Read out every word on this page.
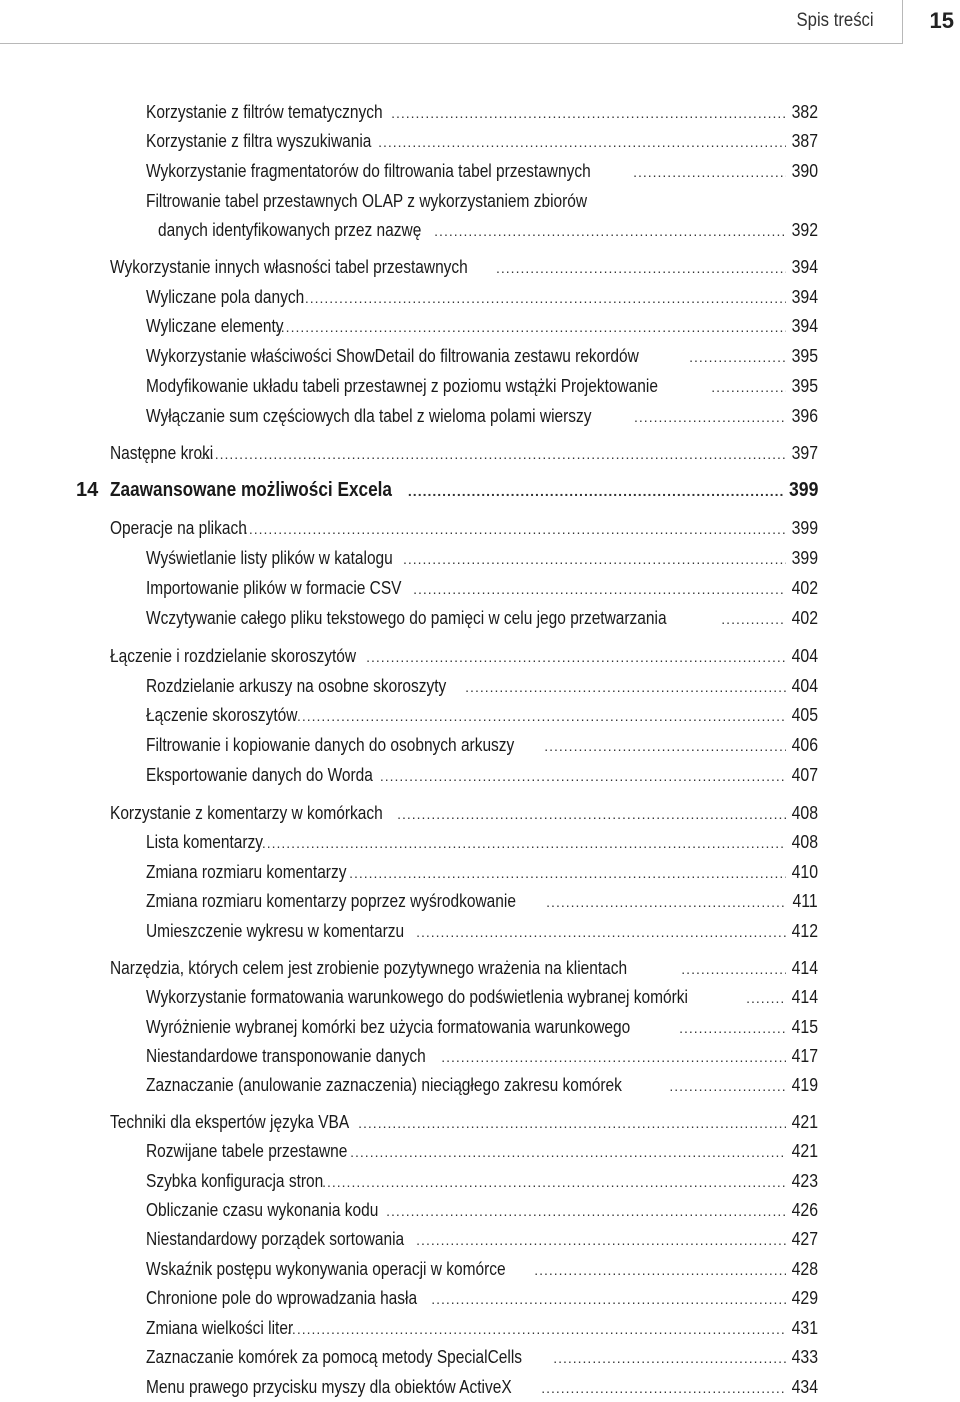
Spis treści	15
Korzystanie z filtrów tematycznych .....	382
Korzystanie z filtra wyszukiwania .....	387
Wykorzystanie fragmentatorów do filtrowania tabel przestawnych .....	390
Filtrowanie tabel przestawnych OLAP z wykorzystaniem zbiorów
danych identyfikowanych przez nazwę .....	392
Wykorzystanie innych własności tabel przestawnych .....	394
Wyliczane pola danych .....	394
Wyliczane elementy .....	394
Wykorzystanie właściwości ShowDetail do filtrowania zestawu rekordów .....	395
Modyfikowanie układu tabeli przestawnej z poziomu wstążki Projektowanie .....	395
Wyłączanie sum częściowych dla tabel z wieloma polami wierszy .....	396
Następne kroki .....	397
14 Zaawansowane możliwości Excela .....	399
Operacje na plikach .....	399
Wyświetlanie listy plików w katalogu .....	399
Importowanie plików w formacie CSV .....	402
Wczytywanie całego pliku tekstowego do pamięci w celu jego przetwarzania .....	402
Łączenie i rozdzielanie skoroszytów .....	404
Rozdzielanie arkuszy na osobne skoroszyty .....	404
Łączenie skoroszytów .....	405
Filtrowanie i kopiowanie danych do osobnych arkuszy .....	406
Eksportowanie danych do Worda .....	407
Korzystanie z komentarzy w komórkach .....	408
Lista komentarzy .....	408
Zmiana rozmiaru komentarzy .....	410
Zmiana rozmiaru komentarzy poprzez wyśrodkowanie .....	411
Umieszczenie wykresu w komentarzu .....	412
Narzędzia, których celem jest zrobienie pozytywnego wrażenia na klientach .....	414
Wykorzystanie formatowania warunkowego do podświetlenia wybranej komórki .....	414
Wyróżnienie wybranej komórki bez użycia formatowania warunkowego .....	415
Niestandardowe transponowanie danych .....	417
Zaznaczanie (anulowanie zaznaczenia) nieciągłego zakresu komórek .....	419
Techniki dla ekspertów języka VBA .....	421
Rozwijane tabele przestawne .....	421
Szybka konfiguracja stron .....	423
Obliczanie czasu wykonania kodu .....	426
Niestandardowy porządek sortowania .....	427
Wskaźnik postępu wykonywania operacji w komórce .....	428
Chronione pole do wprowadzania hasła .....	429
Zmiana wielkości liter .....	431
Zaznaczanie komórek za pomocą metody SpecialCells .....	433
Menu prawego przycisku myszy dla obiektów ActiveX .....	434
